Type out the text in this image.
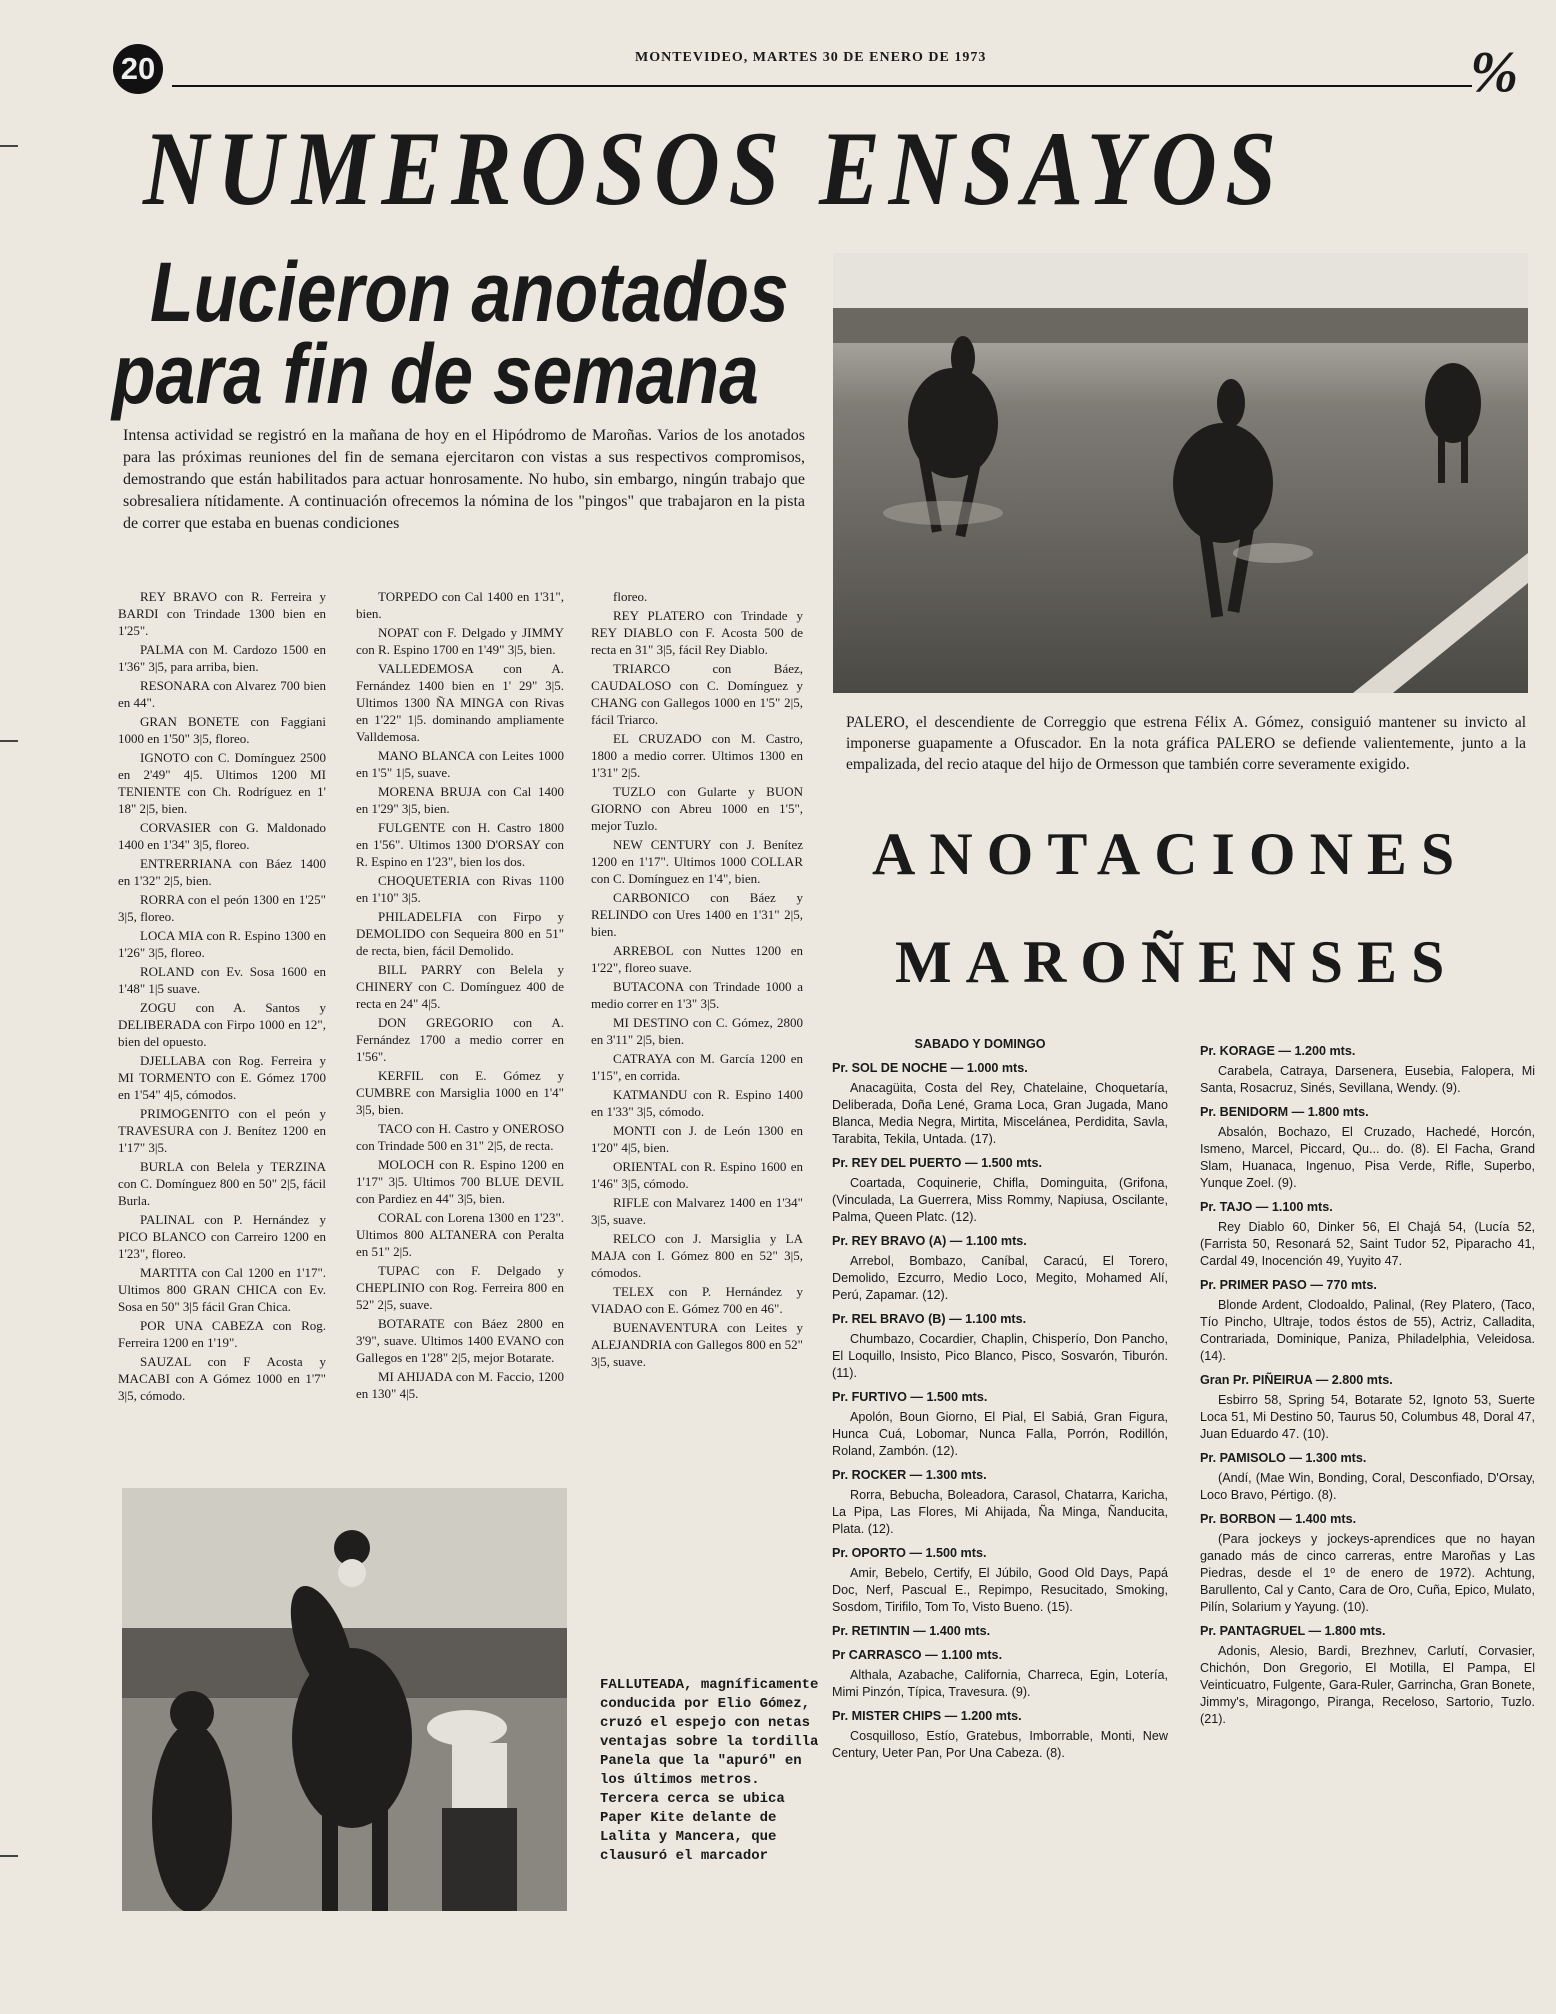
20	MONTEVIDEO, MARTES 30 DE ENERO DE 1973	%
NUMEROSOS ENSAYOS
Lucieron anotados
para fin de semana
Intensa actividad se registró en la mañana de hoy en el Hipódromo de Maroñas. Varios de los anotados para las próximas reuniones del fin de semana ejercitaron con vistas a sus respectivos compromisos, demostrando que están habilitados para actuar honrosamente. No hubo, sin embargo, ningún trabajo que sobresaliera nítidamente. A continuación ofrecemos la nómina de los "pingos" que trabajaron en la pista de correr que estaba en buenas condiciones

REY BRAVO con R. Ferreira y BARDI con Trindade 1300 bien en 1'25".

PALMA con M. Cardozo 1500 en 1'36" 3|5, para arriba, bien.

RESONARA con Alvarez 700 bien en 44".

GRAN BONETE con Faggiani 1000 en 1'50" 3|5, floreo.

IGNOTO con C. Domínguez 2500 en 2'49" 4|5. Ultimos 1200 MI TENIENTE con Ch. Rodríguez en 1' 18" 2|5, bien.

CORVASIER con G. Maldonado 1400 en 1'34" 3|5, floreo.

ENTRERRIANA con Báez 1400 en 1'32" 2|5, bien.

RORRA con el peón 1300 en 1'25" 3|5, floreo.

LOCA MIA con R. Espino 1300 en 1'26" 3|5, floreo.

ROLAND con Ev. Sosa 1600 en 1'48" 1|5 suave.

ZOGU con A. Santos y DELIBERADA con Firpo 1000 en 12", bien del opuesto.

DJELLABA con Rog. Ferreira y MI TORMENTO con E. Gómez 1700 en 1'54" 4|5, cómodos.

PRIMOGENITO con el peón y TRAVESURA con J. Benítez 1200 en 1'17" 3|5.

BURLA con Belela y TERZINA con C. Domínguez 800 en 50" 2|5, fácil Burla.

PALINAL con P. Hernández y PICO BLANCO con Carreiro 1200 en 1'23", floreo.

MARTITA con Cal 1200 en 1'17". Ultimos 800 GRAN CHICA con Ev. Sosa en 50" 3|5 fácil Gran Chica.

POR UNA CABEZA con Rog. Ferreira 1200 en 1'19".

SAUZAL con F Acosta y MACABI con A Gómez 1000 en 1'7" 3|5, cómodo.

TORPEDO con Cal 1400 en 1'31", bien.

NOPAT con F. Delgado y JIMMY con R. Espino 1700 en 1'49" 3|5, bien.

VALLEDEMOSA con A. Fernández 1400 bien en 1' 29" 3|5. Ultimos 1300 ÑA MINGA con Rivas en 1'22" 1|5. dominando ampliamente Valldemosa.

MANO BLANCA con Leites 1000 en 1'5" 1|5, suave.

MORENA BRUJA con Cal 1400 en 1'29" 3|5, bien.

FULGENTE con H. Castro 1800 en 1'56". Ultimos 1300 D'ORSAY con R. Espino en 1'23", bien los dos.

CHOQUETERIA con Rivas 1100 en 1'10" 3|5.

PHILADELFIA con Firpo y DEMOLIDO con Sequeira 800 en 51" de recta, bien, fácil Demolido.

BILL PARRY con Belela y CHINERY con C. Domínguez 400 de recta en 24" 4|5.

DON GREGORIO con A. Fernández 1700 a medio correr en 1'56".

KERFIL con E. Gómez y CUMBRE con Marsiglia 1000 en 1'4" 3|5, bien.

TACO con H. Castro y ONEROSO con Trindade 500 en 31" 2|5, de recta.

MOLOCH con R. Espino 1200 en 1'17" 3|5. Ultimos 700 BLUE DEVIL con Pardiez en 44" 3|5, bien.

CORAL con Lorena 1300 en 1'23". Ultimos 800 ALTANERA con Peralta en 51" 2|5.

TUPAC con F. Delgado y CHEPLINIO con Rog. Ferreira 800 en 52" 2|5, suave.

BOTARATE con Báez 2800 en 3'9", suave. Ultimos 1400 EVANO con Gallegos en 1'28" 2|5, mejor Botarate.

MI AHIJADA con M. Faccio, 1200 en 130" 4|5.

floreo.

REY PLATERO con Trindade y REY DIABLO con F. Acosta 500 de recta en 31" 3|5, fácil Rey Diablo.

TRIARCO con Báez, CAUDALOSO con C. Domínguez y CHANG con Gallegos 1000 en 1'5" 2|5, fácil Triarco.

EL CRUZADO con M. Castro, 1800 a medio correr. Ultimos 1300 en 1'31" 2|5.

TUZLO con Gularte y BUON GIORNO con Abreu 1000 en 1'5", mejor Tuzlo.

NEW CENTURY con J. Benítez 1200 en 1'17". Ultimos 1000 COLLAR con C. Domínguez en 1'4", bien.

CARBONICO con Báez y RELINDO con Ures 1400 en 1'31" 2|5, bien.

ARREBOL con Nuttes 1200 en 1'22", floreo suave.

BUTACONA con Trindade 1000 a medio correr en 1'3" 3|5.

MI DESTINO con C. Gómez, 2800 en 3'11" 2|5, bien.

CATRAYA con M. García 1200 en 1'15", en corrida.

KATMANDU con R. Espino 1400 en 1'33" 3|5, cómodo.

MONTI con J. de León 1300 en 1'20" 4|5, bien.

ORIENTAL con R. Espino 1600 en 1'46" 3|5, cómodo.

RIFLE con Malvarez 1400 en 1'34" 3|5, suave.

RELCO con J. Marsiglia y LA MAJA con I. Gómez 800 en 52" 3|5, cómodos.

TELEX con P. Hernández y VIADAO con E. Gómez 700 en 46".

BUENAVENTURA con Leites y ALEJANDRIA con Gallegos 800 en 52" 3|5, suave.

PALERO, el descendiente de Correggio que estrena Félix A. Gómez, consiguió mantener su invicto al imponerse guapamente a Ofuscador. En la nota gráfica PALERO se defiende valientemente, junto a la empalizada, del recio ataque del hijo de Ormesson que también corre severamente exigido.
ANOTACIONES
MAROÑENSES
SABADO Y DOMINGO
Pr. SOL DE NOCHE — 1.000 mts.

Anacagüita, Costa del Rey, Chatelaine, Choquetaría, Deliberada, Doña Lené, Grama Loca, Gran Jugada, Mano Blanca, Media Negra, Mirtita, Misceláneа, Perdidita, Savla, Tarabita, Tekila, Untada. (17).

Pr. REY DEL PUERTO — 1.500 mts.

Coartada, Coquinerie, Chifla, Dominguita, (Grifona, (Vinculada, La Guerrera, Miss Rommy, Napiusa, Oscilante, Palma, Queen Platc. (12).

Pr. REY BRAVO (A) — 1.100 mts.

Arrebol, Bombazo, Caníbal, Caracú, El Torero, Demolido, Ezcurro, Medio Loco, Megito, Mohamed Alí, Perú, Zapamar. (12).

Pr. REL BRAVO (B) — 1.100 mts.

Chumbazo, Cocardier, Chaplin, Chisperío, Don Pancho, El Loquillo, Insisto, Pico Blanco, Pisco, Sosvarón, Tiburón. (11).

Pr. FURTIVO — 1.500 mts.

Apolón, Boun Giorno, El Pial, El Sabiá, Gran Figura, Hunca Cuá, Lobomar, Nunca Falla, Porrón, Rodillón, Roland, Zambón. (12).

Pr. ROCKER — 1.300 mts.

Rorra, Bebucha, Boleadora, Carasol, Chatarra, Karicha, La Pipa, Las Flores, Mi Ahijada, Ña Minga, Ñanducita, Plata. (12).

Pr. OPORTO — 1.500 mts.

Amir, Bebelo, Certify, El Júbilo, Good Old Days, Papá Doc, Nerf, Pascual E., Repimpo, Resucitado, Smoking, Sosdom, Tirifilo, Tom To, Visto Bueno. (15).

Pr. RETINTIN — 1.400 mts.
Pr CARRASCO — 1.100 mts.

Althala, Azabache, California, Charreca, Egin, Lotería, Mimi Pinzón, Típica, Travesura. (9).

Pr. MISTER CHIPS — 1.200 mts.

Cosquilloso, Estío, Gratebus, Imborrable, Monti, New Century, Ueter Pan, Por Una Cabeza. (8).

Pr. KORAGE — 1.200 mts.

Carabela, Catraya, Darsenera, Eusebia, Falopera, Mi Santa, Rosacruz, Sinés, Sevillana, Wendy. (9).

Pr. BENIDORM — 1.800 mts.

Absalón, Bochazo, El Cruzado, Hachedé, Horcón, Ismeno, Marcel, Piccard, Qu... do. (8). El Facha, Grand Slam, Huanaca, Ingenuo, Pisa Verde, Rifle, Superbo, Yunque Zoel. (9).

Pr. TAJO — 1.100 mts.

Rey Diablo 60, Dinker 56, El Chajá 54, (Lucía 52, (Farrista 50, Resonará 52, Saint Tudor 52, Piparacho 41, Cardal 49, Inocención 49, Yuyito 47.

Pr. PRIMER PASO — 770 mts.

Blonde Ardent, Clodoaldo, Palinal, (Rey Platero, (Taco, Tío Pincho, Ultraje, todos éstos de 55), Actriz, Calladita, Contrariada, Dominique, Paniza, Philadelphia, Veleidosa. (14).

Gran Pr. PIÑEIRUA — 2.800 mts.

Esbirro 58, Spring 54, Botarate 52, Ignoto 53, Suerte Loca 51, Mi Destino 50, Taurus 50, Columbus 48, Doral 47, Juan Eduardo 47. (10).

Pr. PAMISOLO — 1.300 mts.

(Andí, (Mae Win, Bonding, Coral, Desconfiado, D'Orsay, Loco Bravo, Pértigo. (8).

Pr. BORBON — 1.400 mts.

(Para jockeys y jockeys-aprendices que no hayan ganado más de cinco carreras, entre Maroñas y Las Piedras, desde el 1º de enero de 1972). Achtung, Barullento, Cal y Canto, Cara de Oro, Cuña, Epico, Mulato, Pilín, Solarium y Yayung. (10).

Pr. PANTAGRUEL — 1.800 mts.

Adonis, Alesio, Bardi, Brezhnev, Carlutí, Corvasier, Chichón, Don Gregorio, El Motilla, El Pampa, El Veinticuatro, Fulgente, Gara-Ruler, Garrincha, Gran Bonete, Jimmy's, Miragongo, Piranga, Receloso, Sartorio, Tuzlo. (21).

FALLUTEADA, magníficamente conducida por Elio Gómez, cruzó el espejo con netas ventajas sobre la tordilla Panela que la "apuró" en los últimos metros. Tercera cerca se ubica Paper Kite delante de Lalita y Mancera, que clausuró el marcador
